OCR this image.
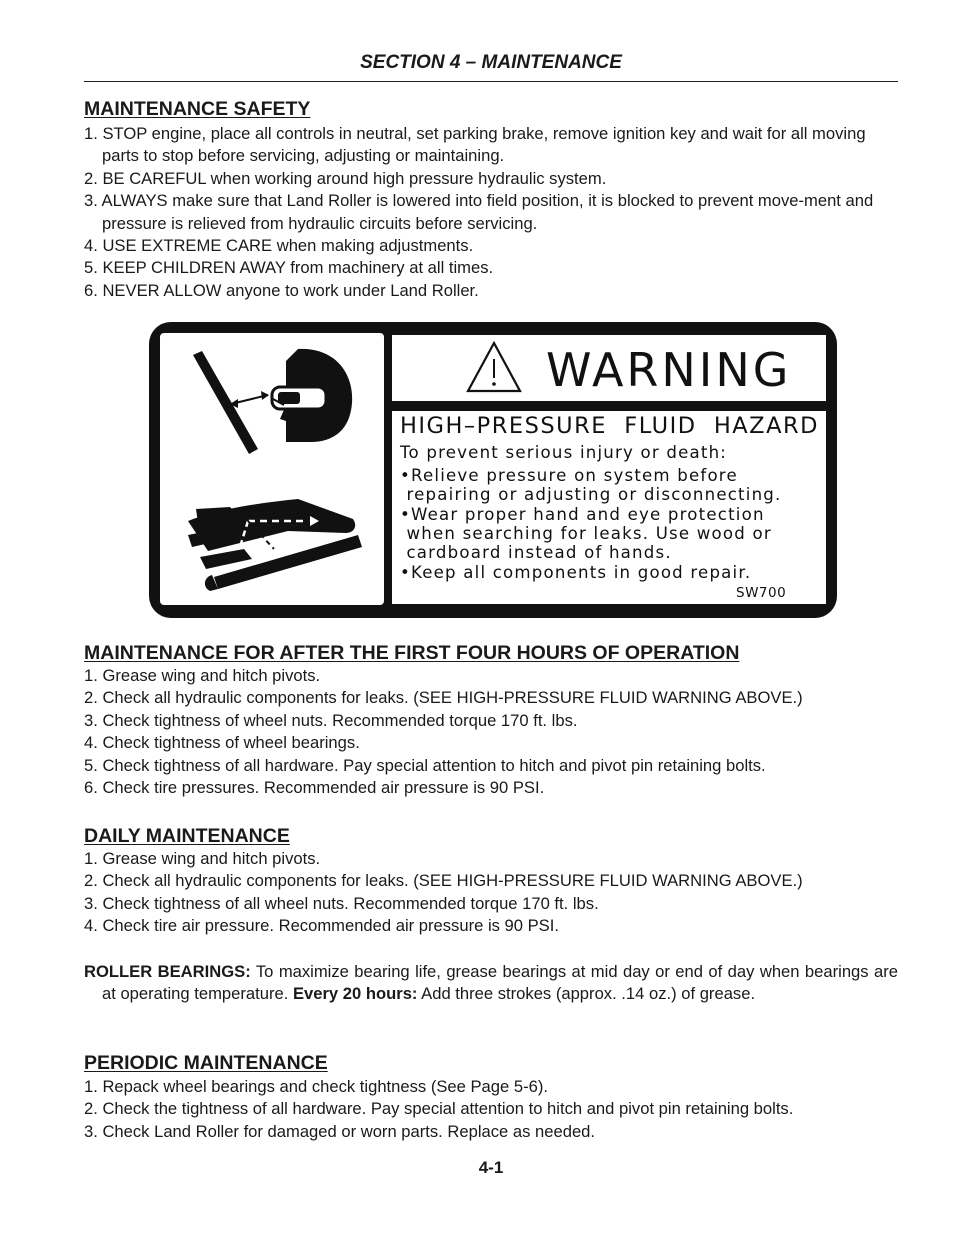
SECTION 4 – MAINTENANCE
MAINTENANCE SAFETY
1. STOP engine, place all controls in neutral, set parking brake, remove ignition key and wait for all moving parts to stop before servicing, adjusting or maintaining.
2. BE CAREFUL when working around high pressure hydraulic system.
3. ALWAYS make sure that Land Roller is lowered into field position, it is blocked to prevent move-ment and pressure is relieved from hydraulic circuits before servicing.
4. USE EXTREME CARE when making adjustments.
5. KEEP CHILDREN AWAY from machinery at all times.
6. NEVER ALLOW anyone to work under Land Roller.
MAINTENANCE FOR AFTER THE FIRST FOUR HOURS OF OPERATION
1. Grease wing and hitch pivots.
2. Check all hydraulic components for leaks. (SEE HIGH-PRESSURE FLUID WARNING ABOVE.)
3. Check tightness of wheel nuts. Recommended torque 170 ft. lbs.
4. Check tightness of wheel bearings.
5. Check tightness of all hardware. Pay special attention to hitch and pivot pin retaining bolts.
6. Check tire pressures. Recommended air pressure is 90 PSI.
DAILY MAINTENANCE
1. Grease wing and hitch pivots.
2. Check all hydraulic components for leaks. (SEE HIGH-PRESSURE FLUID WARNING ABOVE.)
3. Check tightness of all wheel nuts. Recommended torque 170 ft. lbs.
4. Check tire air pressure. Recommended air pressure is 90 PSI.
ROLLER BEARINGS: To maximize bearing life, grease bearings at mid day or end of day when bearings are at operating temperature. Every 20 hours: Add three strokes (approx. .14 oz.) of grease.
PERIODIC MAINTENANCE
1. Repack wheel bearings and check tightness (See Page 5-6).
2. Check the tightness of all hardware. Pay special attention to hitch and pivot pin retaining bolts.
3. Check Land Roller for damaged or worn parts. Replace as needed.
4-1
WARNING
HIGH–PRESSURE  FLUID  HAZARD
To prevent serious injury or death:
•Relieve pressure on system before
repairing or adjusting or disconnecting.
•Wear proper hand and eye protection
when searching for leaks. Use wood or
cardboard instead of hands.
•Keep all components in good repair.
SW700
